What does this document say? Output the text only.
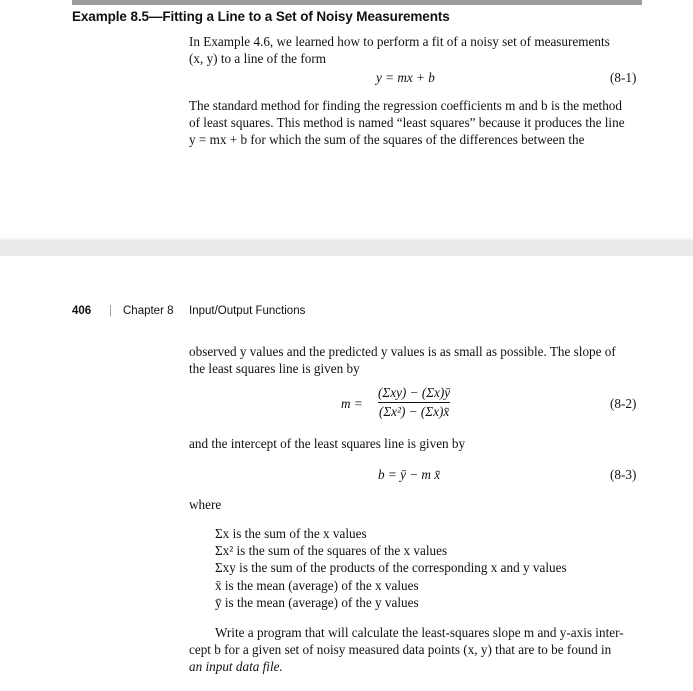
Example 8.5—Fitting a Line to a Set of Noisy Measurements
In Example 4.6, we learned how to perform a fit of a noisy set of measurements
(x, y) to a line of the form
y = mx + b	(8-1)
The standard method for finding the regression coefficients m and b is the method
of least squares. This method is named “least squares” because it produces the line
y = mx + b for which the sum of the squares of the differences between the
406 | Chapter 8 Input/Output Functions
observed y values and the predicted y values is as small as possible. The slope of
the least squares line is given by
m =
(Σxy) − (Σx)ȳ
(Σx²) − (Σx)x̄
(8-2)
and the intercept of the least squares line is given by
b = ȳ − m x̄	(8-3)
where
Σx is the sum of the x values
Σx² is the sum of the squares of the x values
Σxy is the sum of the products of the corresponding x and y values
x̄ is the mean (average) of the x values
ȳ is the mean (average) of the y values
Write a program that will calculate the least-squares slope m and y-axis inter-
cept b for a given set of noisy measured data points (x, y) that are to be found in
an input data file.
